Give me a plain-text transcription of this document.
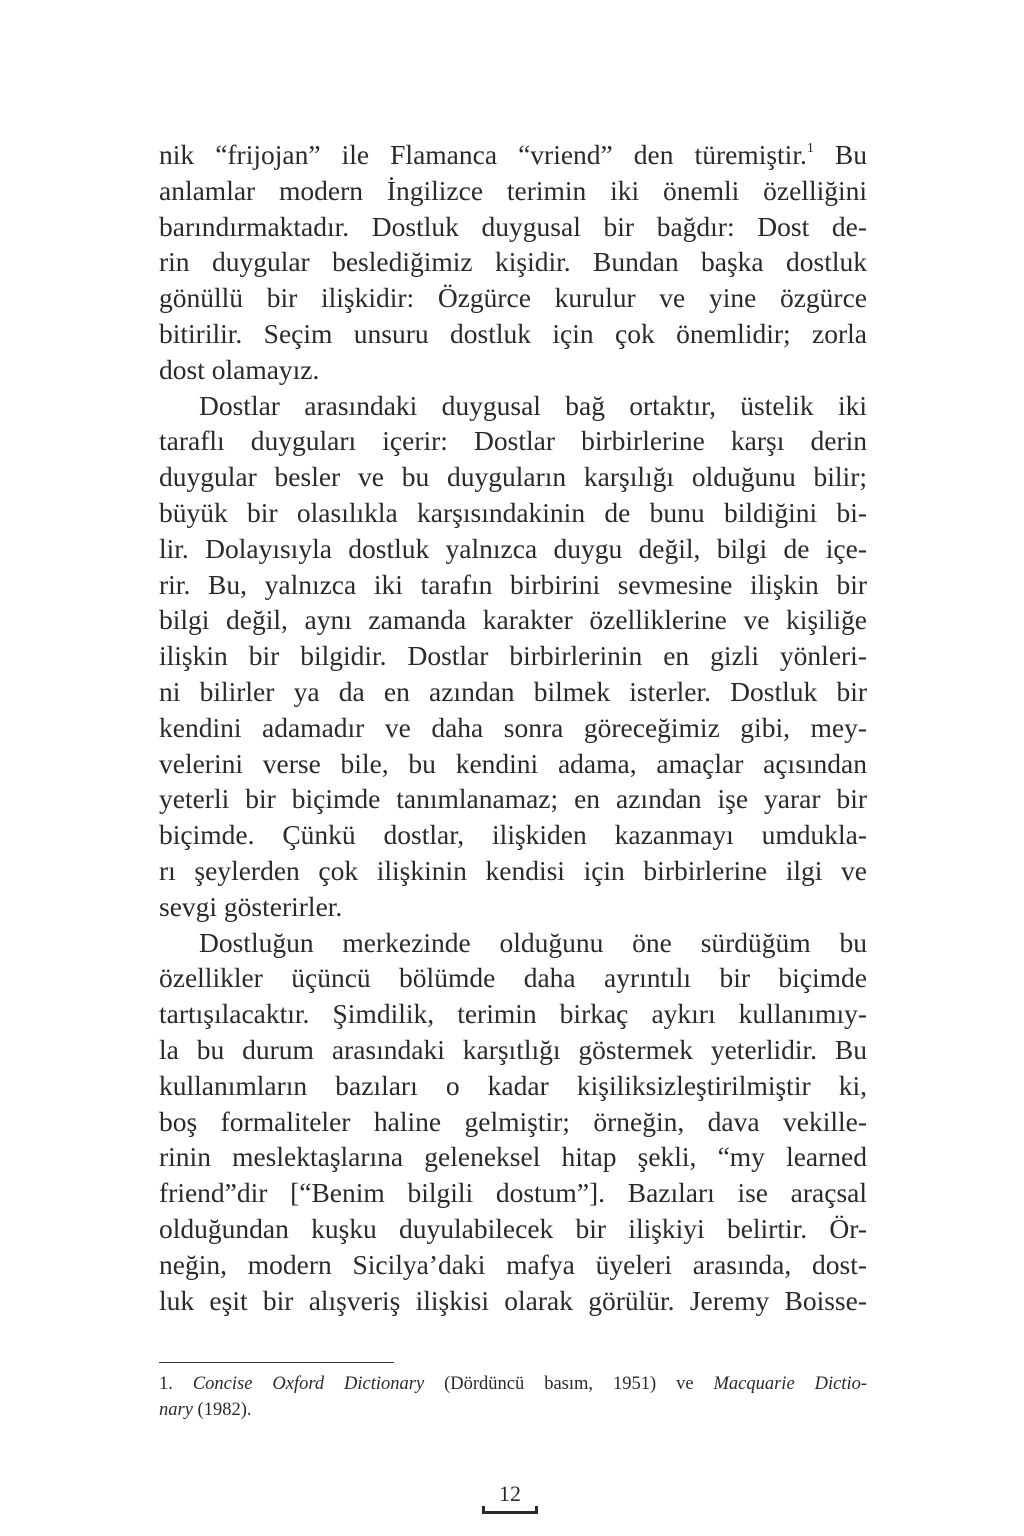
nik “frijojan” ile Flamanca “vriend” den türemiştir.$^1$ Bu
anlamlar modern İngilizce terimin iki önemli özelliğini
barındırmaktadır. Dostluk duygusal bir bağdır: Dost de-
rin duygular beslediğimiz kişidir. Bundan başka dostluk
gönüllü bir ilişkidir: Özgürce kurulur ve yine özgürce
bitirilir. Seçim unsuru dostluk için çok önemlidir; zorla
dost olamayız.
Dostlar arasındaki duygusal bağ ortaktır, üstelik iki
taraflı duyguları içerir: Dostlar birbirlerine karşı derin
duygular besler ve bu duyguların karşılığı olduğunu bilir;
büyük bir olasılıkla karşısındakinin de bunu bildiğini bi-
lir. Dolayısıyla dostluk yalnızca duygu değil, bilgi de içe-
rir. Bu, yalnızca iki tarafın birbirini sevmesine ilişkin bir
bilgi değil, aynı zamanda karakter özelliklerine ve kişiliğe
ilişkin bir bilgidir. Dostlar birbirlerinin en gizli yönleri-
ni bilirler ya da en azından bilmek isterler. Dostluk bir
kendini adamadır ve daha sonra göreceğimiz gibi, mey-
velerini verse bile, bu kendini adama, amaçlar açısından
yeterli bir biçimde tanımlanamaz; en azından işe yarar bir
biçimde. Çünkü dostlar, ilişkiden kazanmayı umdukla-
rı şeylerden çok ilişkinin kendisi için birbirlerine ilgi ve
sevgi gösterirler.
Dostluğun merkezinde olduğunu öne sürdüğüm bu
özellikler üçüncü bölümde daha ayrıntılı bir biçimde
tartışılacaktır. Şimdilik, terimin birkaç aykırı kullanımıy-
la bu durum arasındaki karşıtlığı göstermek yeterlidir. Bu
kullanımların bazıları o kadar kişiliksizleştirilmiştir ki,
boş formaliteler haline gelmiştir; örneğin, dava vekille-
rinin meslektaşlarına geleneksel hitap şekli, “my learned
friend”dir [“Benim bilgili dostum”]. Bazıları ise araçsal
olduğundan kuşku duyulabilecek bir ilişkiyi belirtir. Ör-
neğin, modern Sicilya’daki mafya üyeleri arasında, dost-
luk eşit bir alışveriş ilişkisi olarak görülür. Jeremy Boisse-
1. Concise Oxford Dictionary (Dördüncü basım, 1951) ve Macquarie Dictio-
nary (1982).
12
